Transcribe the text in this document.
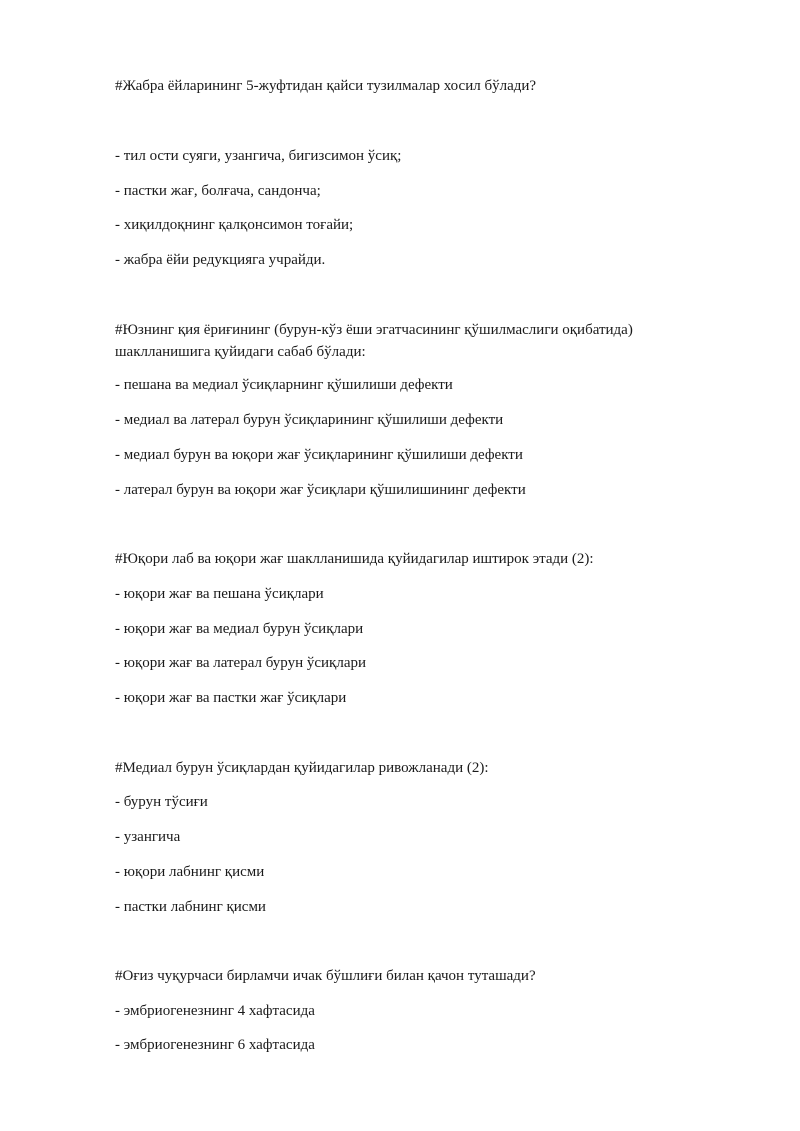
#Жабра ёйларининг 5-жуфтидан қайси тузилмалар хосил бўлади?
- тил ости суяги, узангича, бигизсимон ўсиқ;
- пастки жағ, болғача, сандонча;
- хиқилдоқнинг қалқонсимон тоғайи;
- жабра ёйи редукцияга учрайди.
#Юзнинг қия ёриғининг (бурун-кўз ёши эгатчасининг қўшилмаслиги оқибатида) шаклланишига қуйидаги сабаб бўлади:
- пешана ва медиал ўсиқларнинг қўшилиши дефекти
- медиал ва латерал бурун ўсиқларининг қўшилиши дефекти
- медиал бурун ва юқори жағ ўсиқларининг қўшилиши дефекти
- латерал бурун ва юқори жағ ўсиқлари қўшилишининг дефекти
#Юқори лаб ва юқори жағ шаклланишида қуйидагилар иштирок этади (2):
- юқори жағ ва пешана ўсиқлари
- юқори жағ ва медиал бурун ўсиқлари
- юқори жағ ва латерал бурун ўсиқлари
- юқори жағ ва пастки жағ ўсиқлари
#Медиал бурун ўсиқлардан қуйидагилар ривожланади (2):
- бурун тўсиғи
- узангича
- юқори лабнинг қисми
- пастки лабнинг қисми
#Оғиз чуқурчаси бирламчи ичак бўшлиғи билан қачон туташади?
- эмбриогенезнинг 4 хафтасида
- эмбриогенезнинг 6 хафтасида
